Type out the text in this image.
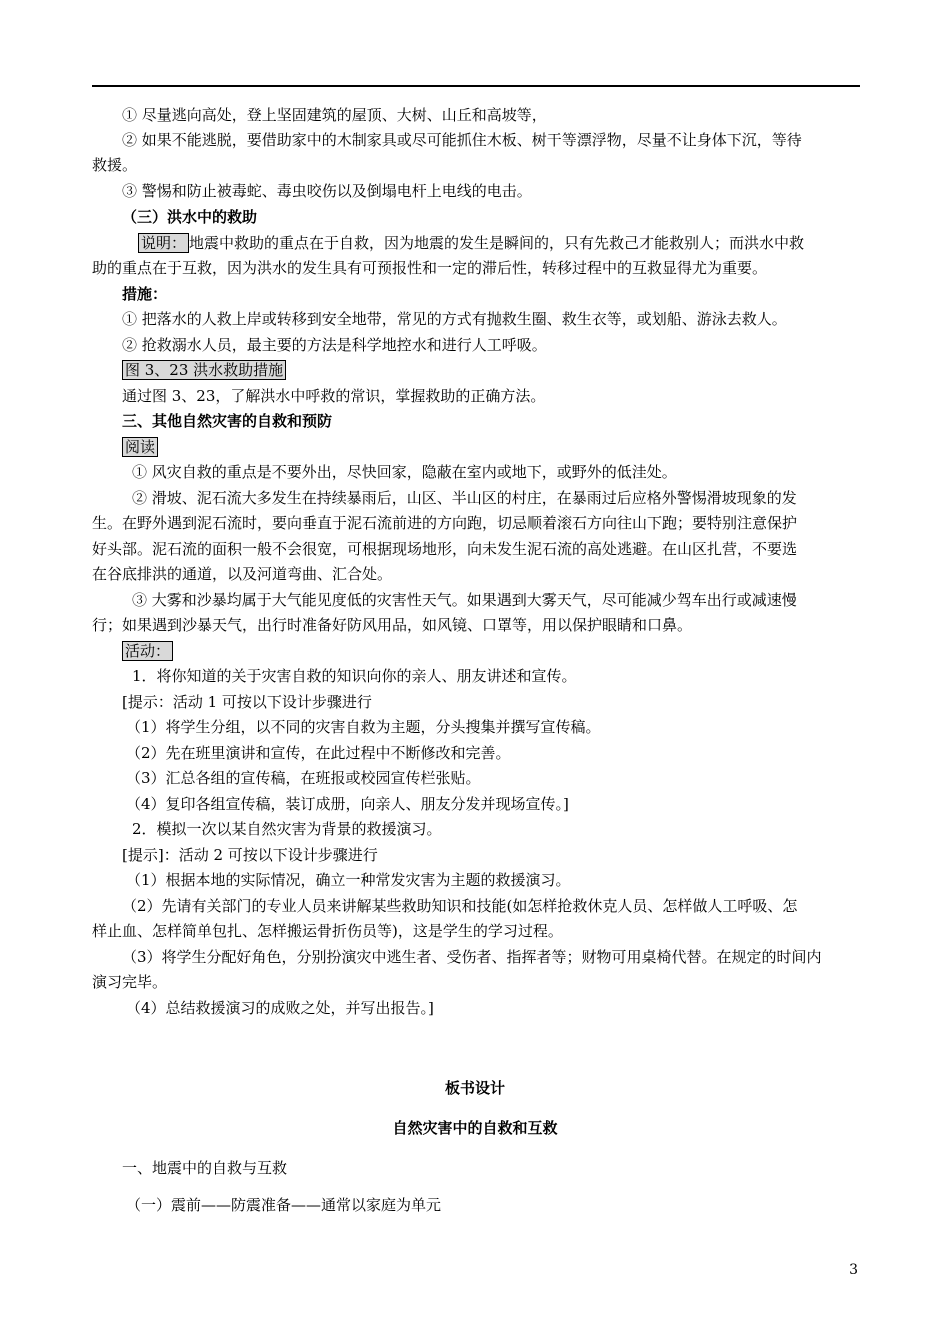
① 尽量逃向高处，登上坚固建筑的屋顶、大树、山丘和高坡等，
② 如果不能逃脱，要借助家中的木制家具或尽可能抓住木板、树干等漂浮物，尽量不让身体下沉，等待
救援。
③ 警惕和防止被毒蛇、毒虫咬伤以及倒塌电杆上电线的电击。
（三）洪水中的救助
说明： 地震中救助的重点在于自救，因为地震的发生是瞬间的，只有先救己才能救别人；而洪水中救
助的重点在于互救，因为洪水的发生具有可预报性和一定的滞后性，转移过程中的互救显得尤为重要。
措施：
① 把落水的人救上岸或转移到安全地带，常见的方式有抛救生圈、救生衣等，或划船、游泳去救人。
② 抢救溺水人员，最主要的方法是科学地控水和进行人工呼吸。
图 3、23 洪水救助措施
通过图 3、23，了解洪水中呼救的常识，掌握救助的正确方法。
三、其他自然灾害的自救和预防
阅读
① 风灾自救的重点是不要外出，尽快回家，隐蔽在室内或地下，或野外的低洼处。
② 滑坡、泥石流大多发生在持续暴雨后，山区、半山区的村庄，在暴雨过后应格外警惕滑坡现象的发
生。在野外遇到泥石流时，要向垂直于泥石流前进的方向跑，切忌顺着滚石方向往山下跑；要特别注意保护
好头部。泥石流的面积一般不会很宽，可根据现场地形，向未发生泥石流的高处逃避。在山区扎营，不要选
在谷底排洪的通道，以及河道弯曲、汇合处。
③ 大雾和沙暴均属于大气能见度低的灾害性天气。如果遇到大雾天气，尽可能减少驾车出行或减速慢
行；如果遇到沙暴天气，出行时准备好防风用品，如风镜、口罩等，用以保护眼睛和口鼻。
活动：
1．将你知道的关于灾害自救的知识向你的亲人、朋友讲述和宣传。
[提示：活动 1 可按以下设计步骤进行
（1）将学生分组，以不同的灾害自救为主题，分头搜集并撰写宣传稿。
（2）先在班里演讲和宣传，在此过程中不断修改和完善。
（3）汇总各组的宣传稿，在班报或校园宣传栏张贴。
（4）复印各组宣传稿，装订成册，向亲人、朋友分发并现场宣传。]
2．模拟一次以某自然灾害为背景的救援演习。
[提示]：活动 2 可按以下设计步骤进行
（1）根据本地的实际情况，确立一种常发灾害为主题的救援演习。
（2）先请有关部门的专业人员来讲解某些救助知识和技能(如怎样抢救休克人员、怎样做人工呼吸、怎
样止血、怎样简单包扎、怎样搬运骨折伤员等)，这是学生的学习过程。
（3）将学生分配好角色，分别扮演灾中逃生者、受伤者、指挥者等；财物可用桌椅代替。在规定的时间内
演习完毕。
（4）总结救援演习的成败之处，并写出报告。]
板书设计
自然灾害中的自救和互救
一、地震中的自救与互救
（一）震前——防震准备——通常以家庭为单元
3
